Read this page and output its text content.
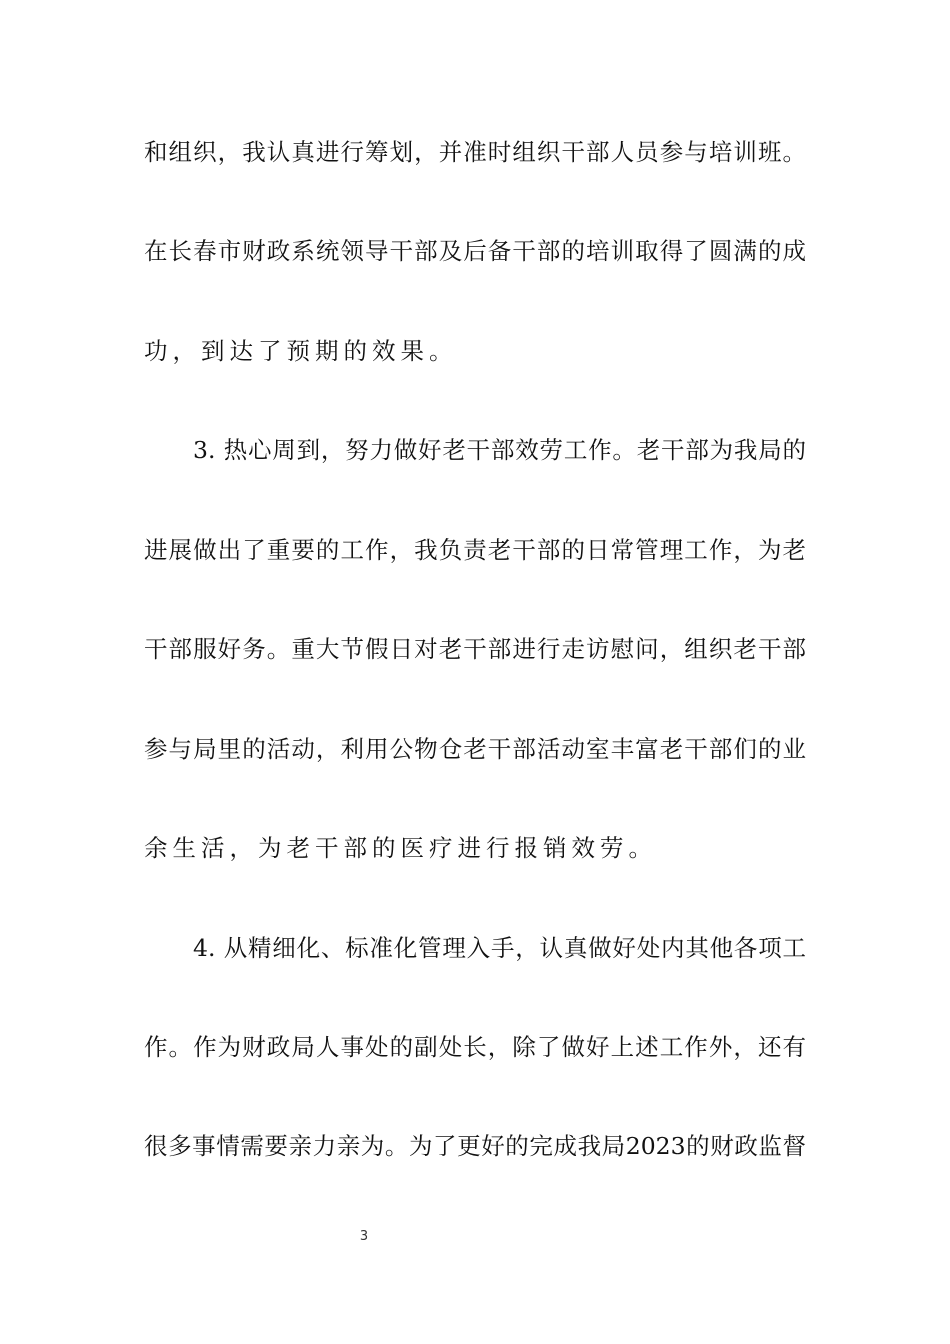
和组织，我认真进行筹划，并准时组织干部人员参与培训班。
在长春市财政系统领导干部及后备干部的培训取得了圆满的成
功，到达了预期的效果。
3. 热心周到，努力做好老干部效劳工作。老干部为我局的
进展做出了重要的工作，我负责老干部的日常管理工作，为老
干部服好务。重大节假日对老干部进行走访慰问，组织老干部
参与局里的活动，利用公物仓老干部活动室丰富老干部们的业
余生活，为老干部的医疗进行报销效劳。
4. 从精细化、标准化管理入手，认真做好处内其他各项工
作。作为财政局人事处的副处长，除了做好上述工作外，还有
很多事情需要亲力亲为。为了更好的完成我局2023的财政监督
3
